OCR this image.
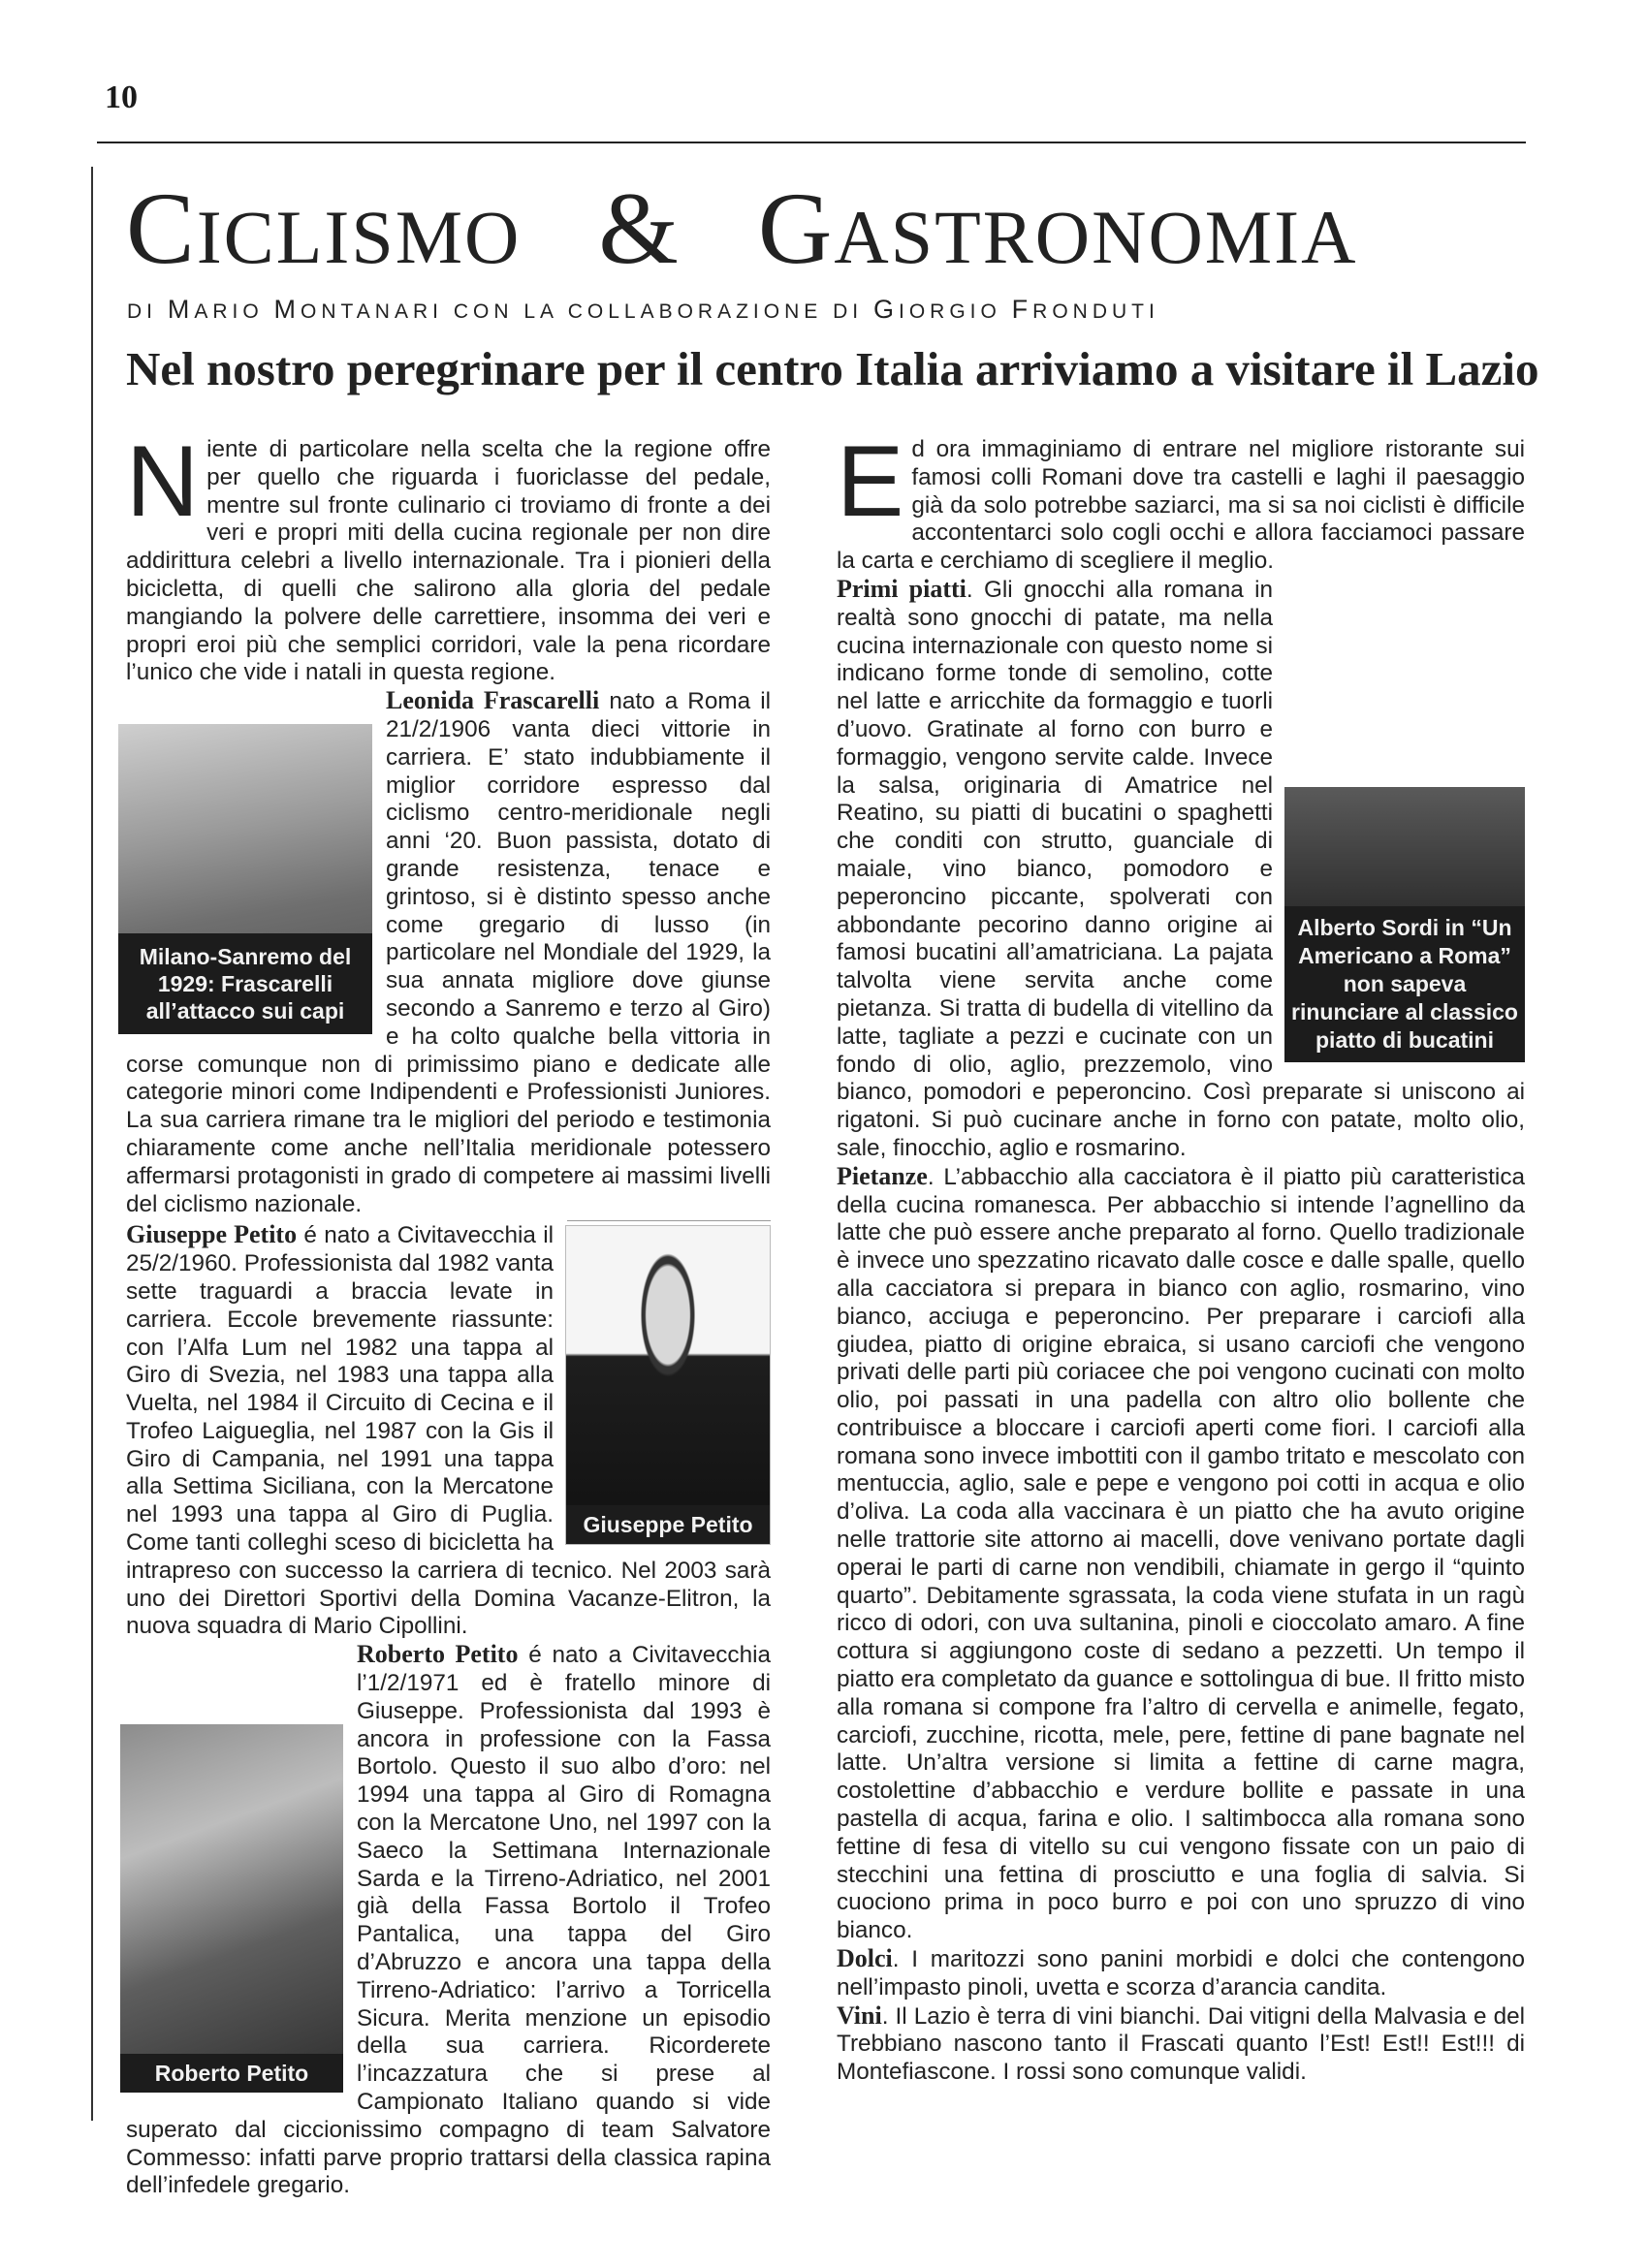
10
CICLISMO & GASTRONOMIA
DI MARIO MONTANARI CON LA COLLABORAZIONE DI GIORGIO FRONDUTI
Nel nostro peregrinare per il centro Italia arriviamo a visitare il Lazio

Niente di particolare nella scelta che la regione offre per quello che riguarda i fuoriclasse del pedale, mentre sul fronte culinario ci troviamo di fronte a dei veri e propri miti della cucina regionale per non dire addirittura celebri a livello internazionale. Tra i pionieri della bicicletta, di quelli che salirono alla gloria del pedale mangiando la polvere delle carrettiere, insomma dei veri e propri eroi più che semplici corridori, vale la pena ricordare l’unico che vide i natali in questa regione.

Milano-Sanremo del 1929: Frascarelli all’attacco sui capi

Leonida Frascarelli nato a Roma il 21/2/1906 vanta dieci vittorie in carriera. E’ stato indubbiamente il miglior corridore espresso dal ciclismo centro-meridionale negli anni ‘20. Buon passista, dotato di grande resistenza, tenace e grintoso, si è distinto spesso anche come gregario di lusso (in particolare nel Mondiale del 1929, la sua annata migliore dove giunse secondo a Sanremo e terzo al Giro) e ha colto qualche bella vittoria in corse comunque non di primissimo piano e dedicate alle categorie minori come Indipendenti e Professionisti Juniores. La sua carriera rimane tra le migliori del periodo e testimonia chiaramente come anche nell’Italia meridionale potessero affermarsi protagonisti in grado di competere ai massimi livelli del ciclismo nazionale.

Giuseppe Petito

Giuseppe Petito é nato a Civitavecchia il 25/2/1960. Professionista dal 1982 vanta sette traguardi a braccia levate in carriera. Eccole brevemente riassunte: con l’Alfa Lum nel 1982 una tappa al Giro di Svezia, nel 1983 una tappa alla Vuelta, nel 1984 il Circuito di Cecina e il Trofeo Laigueglia, nel 1987 con la Gis il Giro di Campania, nel 1991 una tappa alla Settima Siciliana, con la Mercatone nel 1993 una tappa al Giro di Puglia. Come tanti colleghi sceso di bicicletta ha intrapreso con successo la carriera di tecnico. Nel 2003 sarà uno dei Direttori Sportivi della Domina Vacanze-Elitron, la nuova squadra di Mario Cipollini.

Roberto Petito

Roberto Petito é nato a Civitavecchia l’1/2/1971 ed è fratello minore di Giuseppe. Professionista dal 1993 è ancora in professione con la Fassa Bortolo. Questo il suo albo d’oro: nel 1994 una tappa al Giro di Romagna con la Mercatone Uno, nel 1997 con la Saeco la Settimana Internazionale Sarda e la Tirreno-Adriatico, nel 2001 già della Fassa Bortolo il Trofeo Pantalica, una tappa del Giro d’Abruzzo e ancora una tappa della Tirreno-Adriatico: l’arrivo a Torricella Sicura. Merita menzione un episodio della sua carriera. Ricorderete l’incazzatura che si prese al Campionato Italiano quando si vide superato dal ciccionissimo compagno di team Salvatore Commesso: infatti parve proprio trattarsi della classica rapina dell’infedele gregario.

Ed ora immaginiamo di entrare nel migliore ristorante sui famosi colli Romani dove tra castelli e laghi il paesaggio già da solo potrebbe saziarci, ma si sa noi ciclisti è difficile accontentarci solo cogli occhi e allora facciamoci passare la carta e cerchiamo di scegliere il meglio.

Alberto Sordi in “Un Americano a Roma” non sapeva rinunciare al classico piatto di bucatini

Primi piatti. Gli gnocchi alla romana in realtà sono gnocchi di patate, ma nella cucina internazionale con questo nome si indicano forme tonde di semolino, cotte nel latte e arricchite da formaggio e tuorli d’uovo. Gratinate al forno con burro e formaggio, vengono servite calde. Invece la salsa, originaria di Amatrice nel Reatino, su piatti di bucatini o spaghetti che conditi con strutto, guanciale di maiale, vino bianco, pomodoro e peperoncino piccante, spolverati con abbondante pecorino danno origine ai famosi bucatini all’amatriciana. La pajata talvolta viene servita anche come pietanza. Si tratta di budella di vitellino da latte, tagliate a pezzi e cucinate con un fondo di olio, aglio, prezzemolo, vino bianco, pomodori e peperoncino. Così preparate si uniscono ai rigatoni. Si può cucinare anche in forno con patate, molto olio, sale, finocchio, aglio e rosmarino.

Pietanze. L’abbacchio alla cacciatora è il piatto più caratteristica della cucina romanesca. Per abbacchio si intende l’agnellino da latte che può essere anche preparato al forno. Quello tradizionale è invece uno spezzatino ricavato dalle cosce e dalle spalle, quello alla cacciatora si prepara in bianco con aglio, rosmarino, vino bianco, acciuga e peperoncino. Per preparare i carciofi alla giudea, piatto di origine ebraica, si usano carciofi che vengono privati delle parti più coriacee che poi vengono cucinati con molto olio, poi passati in una padella con altro olio bollente che contribuisce a bloccare i carciofi aperti come fiori. I carciofi alla romana sono invece imbottiti con il gambo tritato e mescolato con mentuccia, aglio, sale e pepe e vengono poi cotti in acqua e olio d’oliva. La coda alla vaccinara è un piatto che ha avuto origine nelle trattorie site attorno ai macelli, dove venivano portate dagli operai le parti di carne non vendibili, chiamate in gergo il “quinto quarto”. Debitamente sgrassata, la coda viene stufata in un ragù ricco di odori, con uva sultanina, pinoli e cioccolato amaro. A fine cottura si aggiungono coste di sedano a pezzetti. Un tempo il piatto era completato da guance e sottolingua di bue. Il fritto misto alla romana si compone fra l’altro di cervella e animelle, fegato, carciofi, zucchine, ricotta, mele, pere, fettine di pane bagnate nel latte. Un’altra versione si limita a fettine di carne magra, costolettine d’abbacchio e verdure bollite e passate in una pastella di acqua, farina e olio. I saltimbocca alla romana sono fettine di fesa di vitello su cui vengono fissate con un paio di stecchini una fettina di prosciutto e una foglia di salvia. Si cuociono prima in poco burro e poi con uno spruzzo di vino bianco.

Dolci. I maritozzi sono panini morbidi e dolci che contengono nell’impasto pinoli, uvetta e scorza d’arancia candita.

Vini. Il Lazio è terra di vini bianchi. Dai vitigni della Malvasia e del Trebbiano nascono tanto il Frascati quanto l’Est! Est!! Est!!! di Montefiascone. I rossi sono comunque validi.
